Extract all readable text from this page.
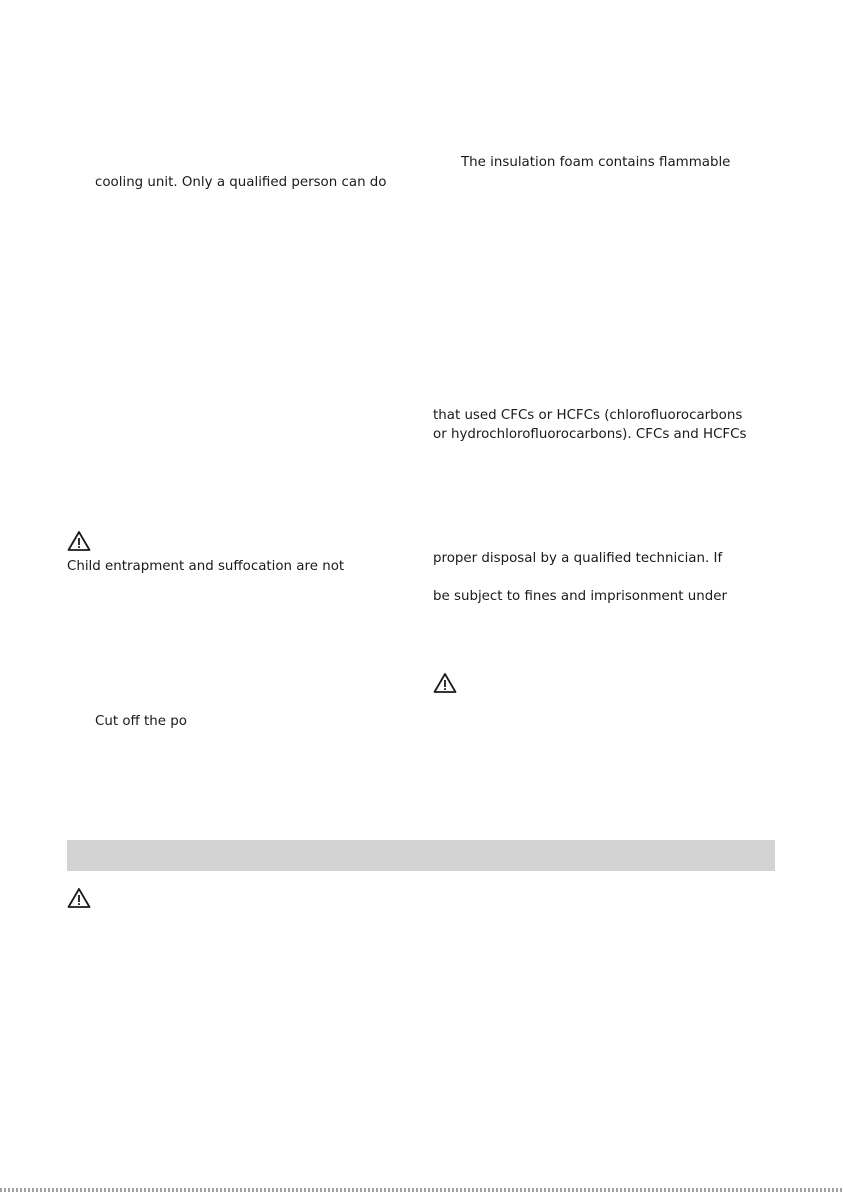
cooling unit. Only a qualified person can do
Child entrapment and suffocation are not
Cut off the po
The insulation foam contains flammable
that used CFCs or HCFCs (chlorofluorocarbons
or hydrochlorofluorocarbons). CFCs and HCFCs
proper disposal by a qualified technician. If
be subject to fines and imprisonment under
